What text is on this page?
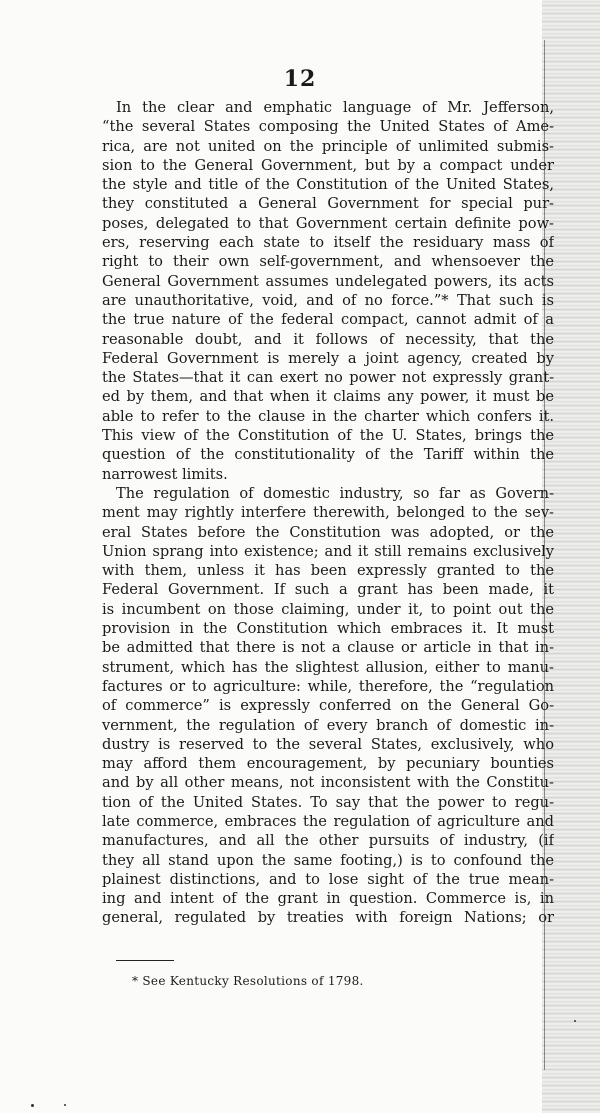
12
In the clear and emphatic language of Mr. Jefferson,
“the several States composing the United States of Ame-
rica, are not united on the principle of unlimited submis-
sion to the General Government, but by a compact under
the style and title of the Constitution of the United States,
they constituted a General Government for special pur-
poses, delegated to that Government certain definite pow-
ers, reserving each state to itself the residuary mass of
right to their own self-government, and whensoever the
General Government assumes undelegated powers, its acts
are unauthoritative, void, and of no force.”* That such is
the true nature of the federal compact, cannot admit of a
reasonable doubt, and it follows of necessity, that the
Federal Government is merely a joint agency, created by
the States—that it can exert no power not expressly grant-
ed by them, and that when it claims any power, it must be
able to refer to the clause in the charter which confers it.
This view of the Constitution of the U. States, brings the
question of the constitutionality of the Tariff within the
narrowest limits.
The regulation of domestic industry, so far as Govern-
ment may rightly interfere therewith, belonged to the sev-
eral States before the Constitution was adopted, or the
Union sprang into existence; and it still remains exclusively
with them, unless it has been expressly granted to the
Federal Government. If such a grant has been made, it
is incumbent on those claiming, under it, to point out the
provision in the Constitution which embraces it. It must
be admitted that there is not a clause or article in that in-
strument, which has the slightest allusion, either to manu-
factures or to agriculture: while, therefore, the “regulation
of commerce” is expressly conferred on the General Go-
vernment, the regulation of every branch of domestic in-
dustry is reserved to the several States, exclusively, who
may afford them encouragement, by pecuniary bounties
and by all other means, not inconsistent with the Constitu-
tion of the United States. To say that the power to regu-
late commerce, embraces the regulation of agriculture and
manufactures, and all the other pursuits of industry, (if
they all stand upon the same footing,) is to confound the
plainest distinctions, and to lose sight of the true mean-
ing and intent of the grant in question. Commerce is, in
general, regulated by treaties with foreign Nations; or
* See Kentucky Resolutions of 1798.
